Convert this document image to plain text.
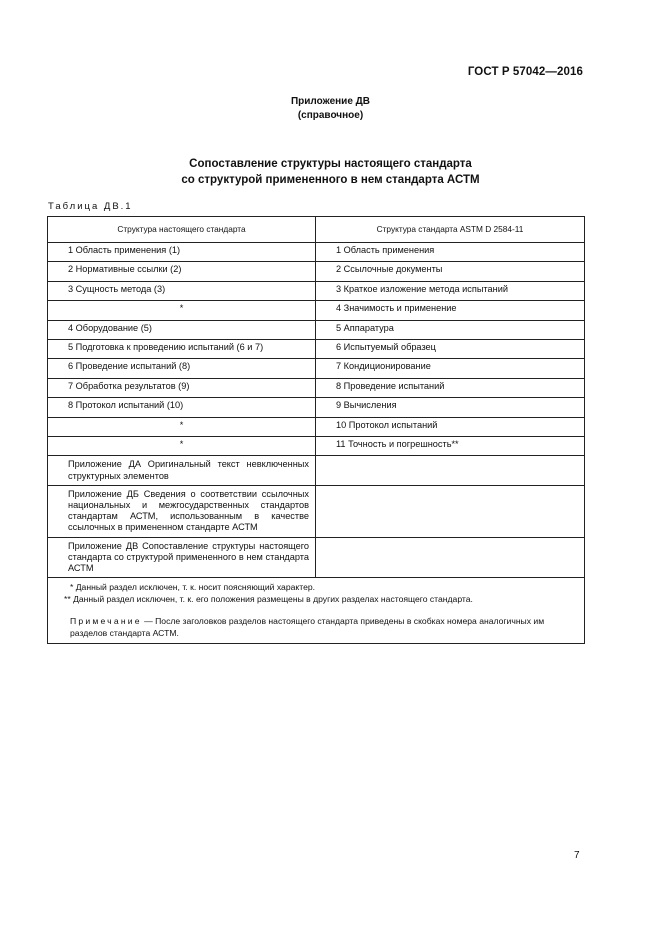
ГОСТ Р 57042—2016
Приложение ДВ
(справочное)
Сопоставление структуры настоящего стандарта
со структурой примененного в нем стандарта АСТМ
Таблица ДВ.1
Структура настоящего стандарта	Структура стандарта ASTM D 2584-11
1 Область применения (1)	1 Область применения
2 Нормативные ссылки (2)	2 Ссылочные документы
3 Сущность метода (3)	3 Краткое изложение метода испытаний
*	4 Значимость и применение
4 Оборудование (5)	5 Аппаратура
5 Подготовка к проведению испытаний (6 и 7)	6 Испытуемый образец
6 Проведение испытаний (8)	7 Кондиционирование
7 Обработка результатов (9)	8 Проведение испытаний
8 Протокол испытаний (10)	9 Вычисления
*	10 Протокол испытаний
*	11 Точность и погрешность**
Приложение ДА Оригинальный текст невключенных структурных элементов	
Приложение ДБ Сведения о соответствии ссылочных национальных и межгосударственных стандартов стандартам АСТМ, использованным в качестве ссылочных в примененном стандарте АСТМ	
Приложение ДВ Сопоставление структуры настоящего стандарта со структурой примененного в нем стандарта АСТМ	

* Данный раздел исключен, т. к. носит поясняющий характер.
** Данный раздел исключен, т. к. его положения размещены в других разделах настоящего стандарта.
Примечание — После заголовков разделов настоящего стандарта приведены в скобках номера аналогичных им разделов стандарта АСТМ.	
7
